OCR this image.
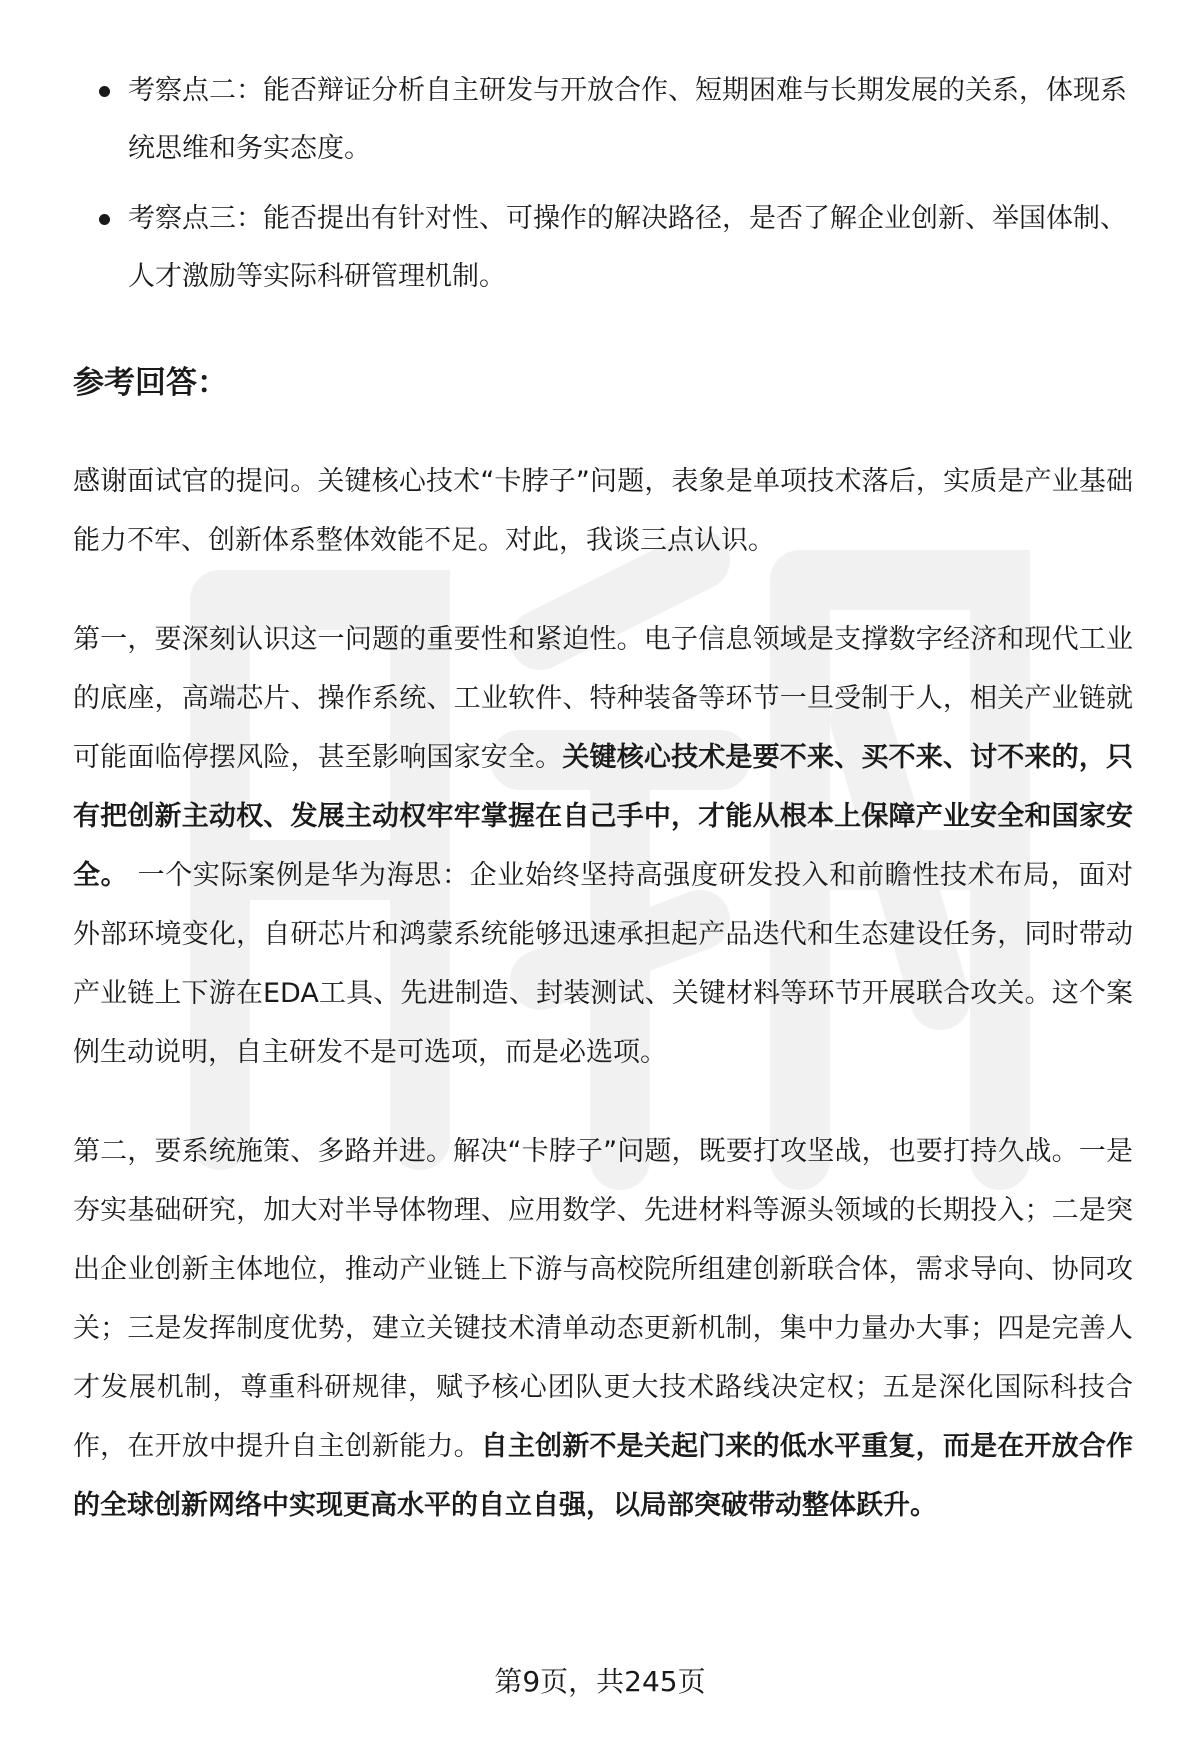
考察点二：能否辩证分析自主研发与开放合作、短期困难与长期发展的关系，体现系统思维和务实态度。
考察点三：能否提出有针对性、可操作的解决路径，是否了解企业创新、举国体制、人才激励等实际科研管理机制。
参考回答：

感谢面试官的提问。关键核心技术“卡脖子”问题，表象是单项技术落后，实质是产业基础能力不牢、创新体系整体效能不足。对此，我谈三点认识。

第一，要深刻认识这一问题的重要性和紧迫性。电子信息领域是支撑数字经济和现代工业的底座，高端芯片、操作系统、工业软件、特种装备等环节一旦受制于人，相关产业链就可能面临停摆风险，甚至影响国家安全。关键核心技术是要不来、买不来、讨不来的，只有把创新主动权、发展主动权牢牢掌握在自己手中，才能从根本上保障产业安全和国家安全。 一个实际案例是华为海思：企业始终坚持高强度研发投入和前瞻性技术布局，面对外部环境变化，自研芯片和鸿蒙系统能够迅速承担起产品迭代和生态建设任务，同时带动产业链上下游在EDA工具、先进制造、封装测试、关键材料等环节开展联合攻关。这个案例生动说明，自主研发不是可选项，而是必选项。

第二，要系统施策、多路并进。解决“卡脖子”问题，既要打攻坚战，也要打持久战。一是夯实基础研究，加大对半导体物理、应用数学、先进材料等源头领域的长期投入；二是突出企业创新主体地位，推动产业链上下游与高校院所组建创新联合体，需求导向、协同攻关；三是发挥制度优势，建立关键技术清单动态更新机制，集中力量办大事；四是完善人才发展机制，尊重科研规律，赋予核心团队更大技术路线决定权；五是深化国际科技合作，在开放中提升自主创新能力。自主创新不是关起门来的低水平重复，而是在开放合作的全球创新网络中实现更高水平的自立自强，以局部突破带动整体跃升。

第9页，共245页
